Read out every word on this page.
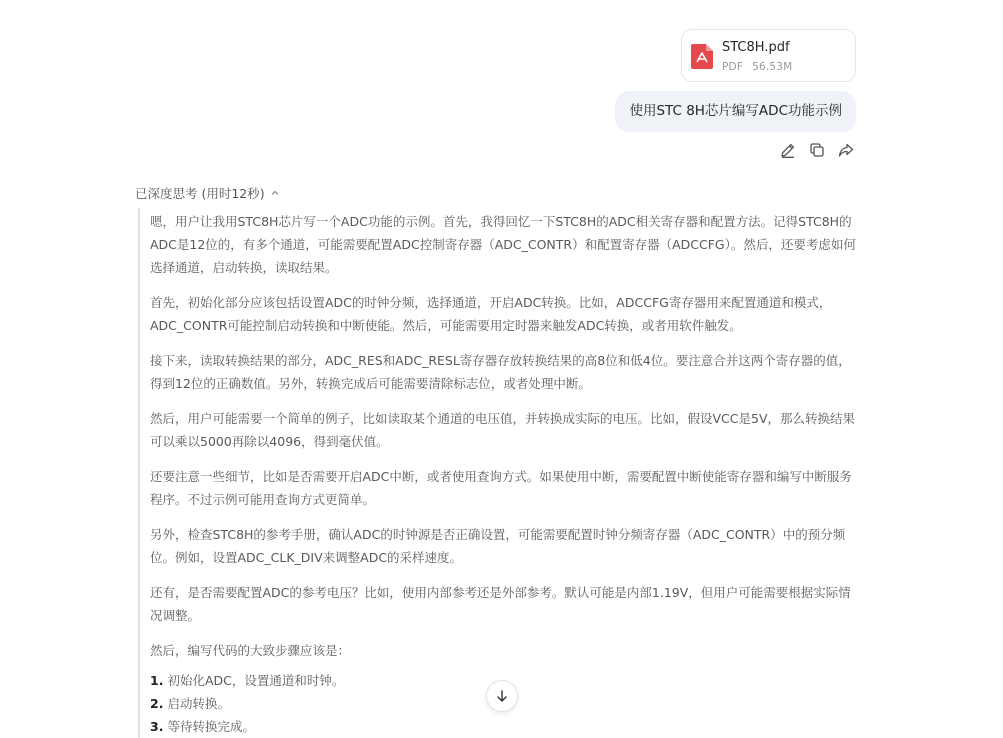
STC8H.pdf
PDF 56.53M
使用STC 8H芯片编写ADC功能示例
已深度思考 (用时12秒)

嗯，用户让我用STC8H芯片写一个ADC功能的示例。首先，我得回忆一下STC8H的ADC相关寄存器和配置方法。记得STC8H的ADC是12位的，有多个通道，可能需要配置ADC控制寄存器（ADC_CONTR）和配置寄存器（ADCCFG）。然后，还要考虑如何选择通道，启动转换，读取结果。

首先，初始化部分应该包括设置ADC的时钟分频，选择通道，开启ADC转换。比如，ADCCFG寄存器用来配置通道和模式，ADC_CONTR可能控制启动转换和中断使能。然后，可能需要用定时器来触发ADC转换，或者用软件触发。

接下来，读取转换结果的部分，ADC_RES和ADC_RESL寄存器存放转换结果的高8位和低4位。要注意合并这两个寄存器的值，得到12位的正确数值。另外，转换完成后可能需要清除标志位，或者处理中断。

然后，用户可能需要一个简单的例子，比如读取某个通道的电压值，并转换成实际的电压。比如，假设VCC是5V，那么转换结果可以乘以5000再除以4096，得到毫伏值。

还要注意一些细节，比如是否需要开启ADC中断，或者使用查询方式。如果使用中断，需要配置中断使能寄存器和编写中断服务程序。不过示例可能用查询方式更简单。

另外，检查STC8H的参考手册，确认ADC的时钟源是否正确设置，可能需要配置时钟分频寄存器（ADC_CONTR）中的预分频位。例如，设置ADC_CLK_DIV来调整ADC的采样速度。

还有，是否需要配置ADC的参考电压？比如，使用内部参考还是外部参考。默认可能是内部1.19V，但用户可能需要根据实际情况调整。

然后，编写代码的大致步骤应该是：

1. 初始化ADC，设置通道和时钟。
2. 启动转换。
3. 等待转换完成。
